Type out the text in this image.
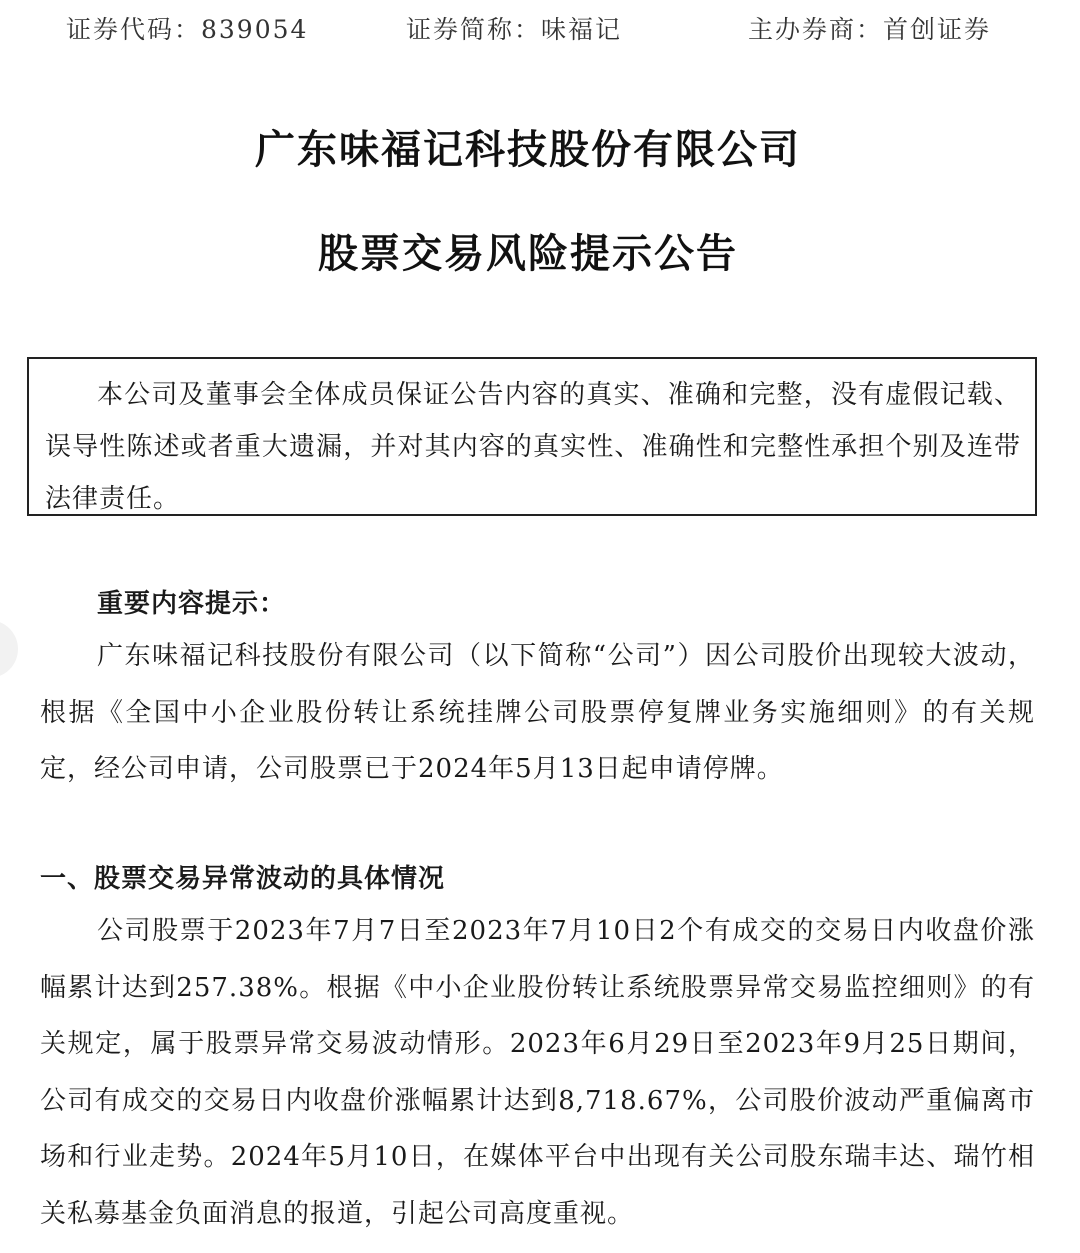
证券代码：839054	证券简称：味福记	主办券商：首创证券
广东味福记科技股份有限公司
股票交易风险提示公告
本公司及董事会全体成员保证公告内容的真实、准确和完整，没有虚假记载、误导性陈述或者重大遗漏，并对其内容的真实性、准确性和完整性承担个别及连带法律责任。
重要内容提示：
广东味福记科技股份有限公司（以下简称“公司”）因公司股价出现较大波动，根据《全国中小企业股份转让系统挂牌公司股票停复牌业务实施细则》的有关规定，经公司申请，公司股票已于2024年5月13日起申请停牌。
一、股票交易异常波动的具体情况
公司股票于2023年7月7日至2023年7月10日2个有成交的交易日内收盘价涨幅累计达到257.38%。根据《中小企业股份转让系统股票异常交易监控细则》的有关规定，属于股票异常交易波动情形。2023年6月29日至2023年9月25日期间，公司有成交的交易日内收盘价涨幅累计达到8,718.67%，公司股价波动严重偏离市场和行业走势。2024年5月10日，在媒体平台中出现有关公司股东瑞丰达、瑞竹相关私募基金负面消息的报道，引起公司高度重视。
